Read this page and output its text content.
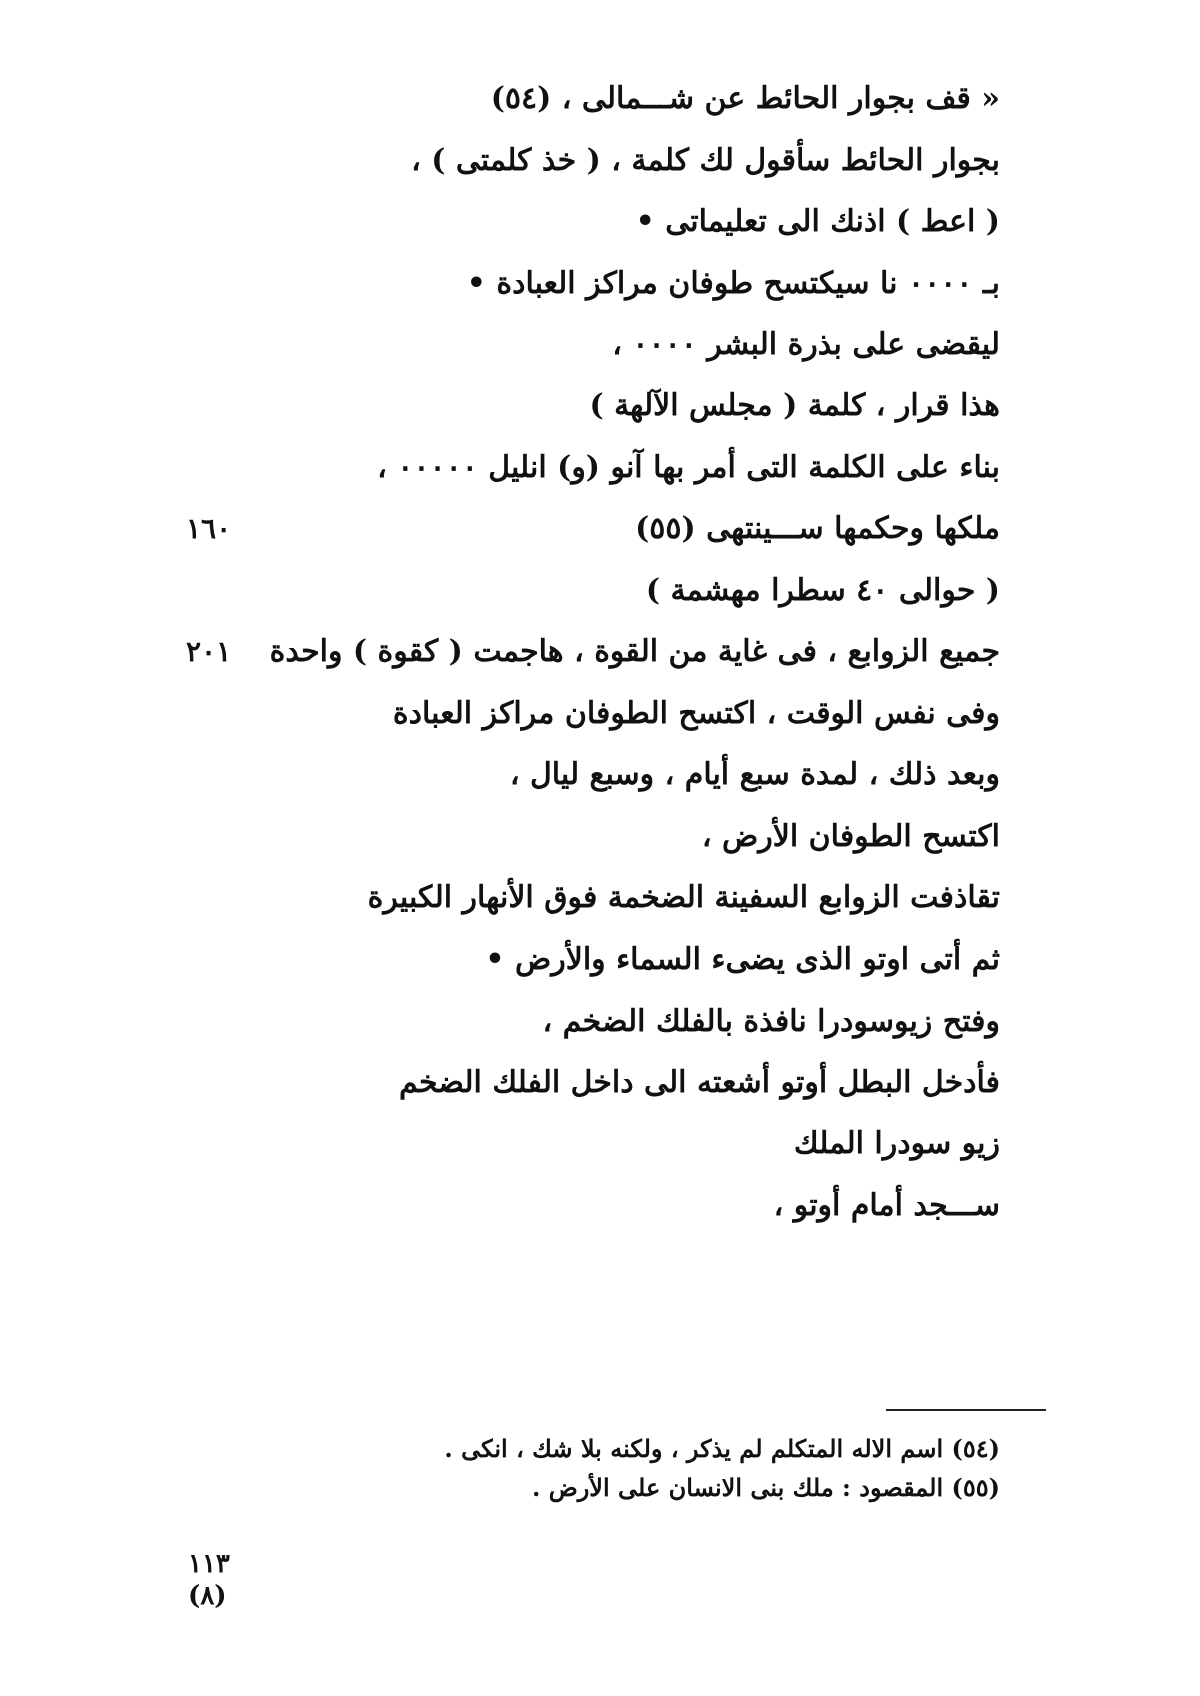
« قف بجوار الحائط عن شـــمالى ، (٥٤)
بجوار الحائط سأقول لك كلمة ، ( خذ كلمتى ) ،
( اعط ) اذنك الى تعليماتى •
بـ ٠٠٠٠ نا سيكتسح طوفان مراكز العبادة •
ليقضى على بذرة البشر ٠٠٠٠ ،
هذا قرار ، كلمة ( مجلس الآلهة )
بناء على الكلمة التى أمر بها آنو (و) انليل ٠٠٠٠٠ ،
ملكها وحكمها ســـينتهى (٥٥)
( حوالى ٤٠ سطرا مهشمة )
جميع الزوابع ، فى غاية من القوة ، هاجمت ( كقوة ) واحدة
وفى نفس الوقت ، اكتسح الطوفان مراكز العبادة
وبعد ذلك ، لمدة سبع أيام ، وسبع ليال ،
اكتسح الطوفان الأرض ،
تقاذفت الزوابع السفينة الضخمة فوق الأنهار الكبيرة
ثم أتى اوتو الذى يضىء السماء والأرض •
وفتح زيوسودرا نافذة بالفلك الضخم ،
فأدخل البطل أوتو أشعته الى داخل الفلك الضخم
زيو سودرا الملك
ســـجد أمام أوتو ،
١٦٠
٢٠١
(٥٤) اسم الاله المتكلم لم يذكر ، ولكنه بلا شك ، انكى .
(٥٥) المقصود : ملك بنى الانسان على الأرض .
١١٣
(٨)
